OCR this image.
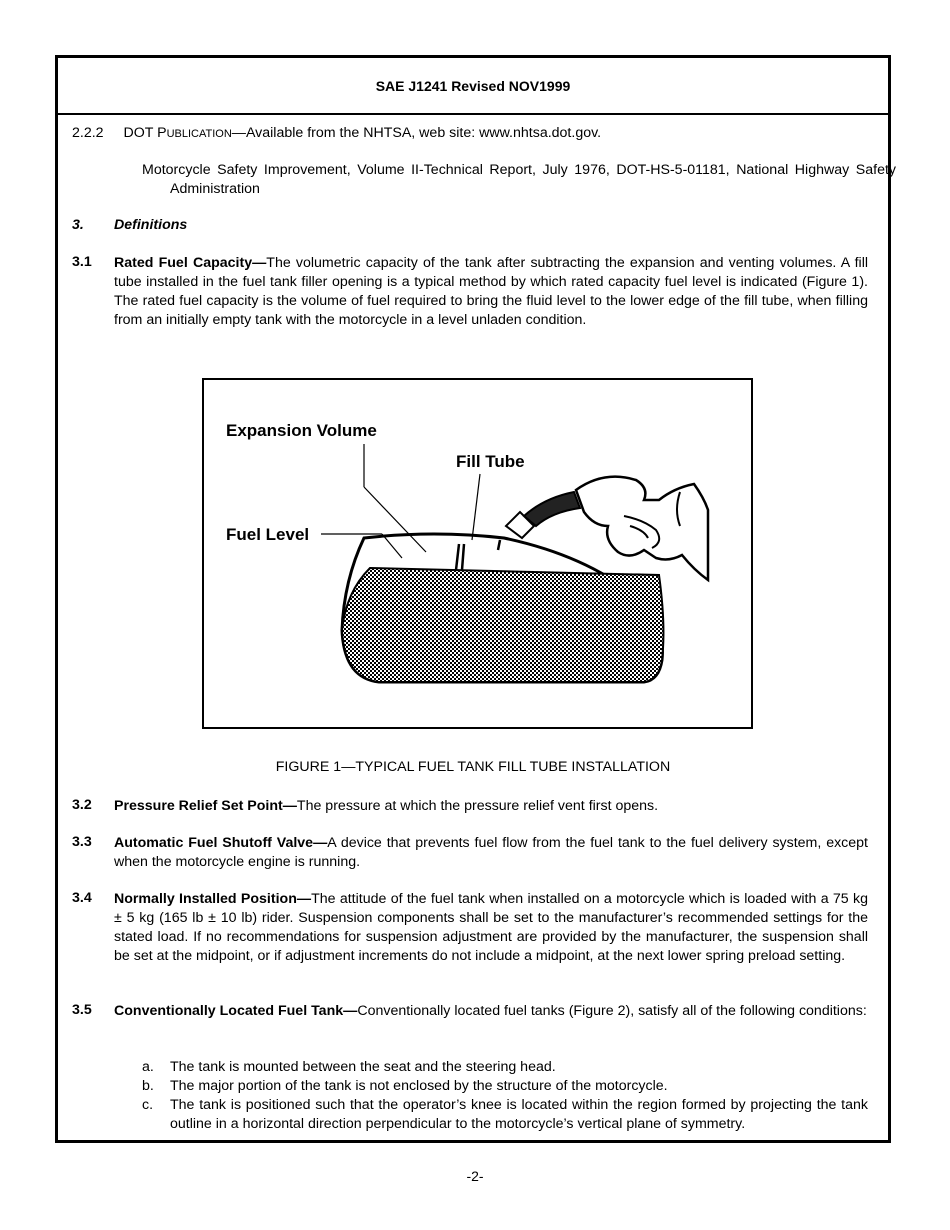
SAE J1241 Revised NOV1999
2.2.2 DOT PUBLICATION—Available from the NHTSA, web site: www.nhtsa.dot.gov.
Motorcycle Safety Improvement, Volume II-Technical Report, July 1976, DOT-HS-5-01181, National Highway Safety Administration
3. Definitions
3.1 Rated Fuel Capacity—The volumetric capacity of the tank after subtracting the expansion and venting volumes. A fill tube installed in the fuel tank filler opening is a typical method by which rated capacity fuel level is indicated (Figure 1). The rated fuel capacity is the volume of fuel required to bring the fluid level to the lower edge of the fill tube, when filling from an initially empty tank with the motorcycle in a level unladen condition.
Expansion Volume
Fill Tube
Fuel Level
FIGURE 1—TYPICAL FUEL TANK FILL TUBE INSTALLATION
3.2 Pressure Relief Set Point—The pressure at which the pressure relief vent first opens.
3.3 Automatic Fuel Shutoff Valve—A device that prevents fuel flow from the fuel tank to the fuel delivery system, except when the motorcycle engine is running.
3.4 Normally Installed Position—The attitude of the fuel tank when installed on a motorcycle which is loaded with a 75 kg ± 5 kg (165 lb ± 10 lb) rider. Suspension components shall be set to the manufacturer’s recommended settings for the stated load. If no recommendations for suspension adjustment are provided by the manufacturer, the suspension shall be set at the midpoint, or if adjustment increments do not include a midpoint, at the next lower spring preload setting.
3.5 Conventionally Located Fuel Tank—Conventionally located fuel tanks (Figure 2), satisfy all of the following conditions:
a. The tank is mounted between the seat and the steering head.
b. The major portion of the tank is not enclosed by the structure of the motorcycle.
c. The tank is positioned such that the operator’s knee is located within the region formed by projecting the tank outline in a horizontal direction perpendicular to the motorcycle’s vertical plane of symmetry.
-2-
